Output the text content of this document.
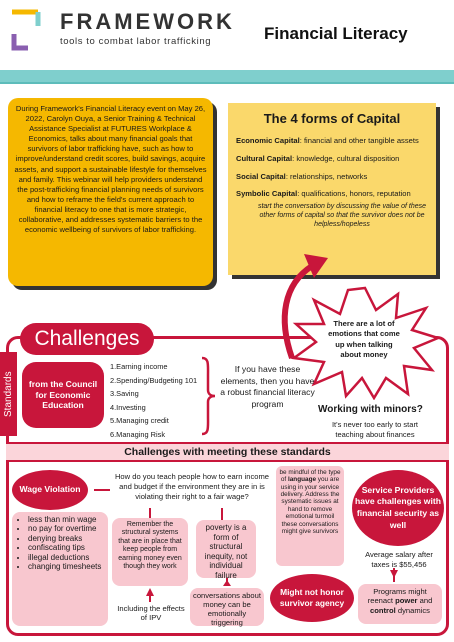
FRAMEWORK
tools to combat labor trafficking	Financial Literacy
During Framework's Financial Literacy event on May 26, 2022, Carolyn Ouya, a Senior Training & Technical Assistance Specialist at FUTURES Workplace & Economics, talks about many financial goals that survivors of labor trafficking have, such as how to improve/understand credit scores, build savings, acquire assets, and support a sustainable lifestyle for themselves and family. This webinar will help providers understand the post-trafficking financial planning needs of survivors and how to reframe the field's current approach to financial literacy to one that is more strategic, collaborative, and addresses systematic barriers to the economic wellbeing of survivors of labor trafficking.
The 4 forms of Capital
Economic Capital: financial and other tangible assets
Cultural Capital: knowledge, cultural disposition
Social Capital: relationships, networks
Symbolic Capital: qualifications, honors, reputation
start the conversation by discussing the value of these other forms of capital so that the survivor does not be helpless/hopeless
There are a lot of emotions that come up when talking about money
Challenges
Standards	from the Council for Economic Education
1.Earning income
2.Spending/Budgeting 101
3.Saving
4.Investing
5.Managing credit
6.Managing Risk
If you have these elements, then you have a robust financial literacy program
Working with minors?
It's never too early to start teaching about finances
Challenges with meeting these standards
Wage Violation
• less than min wage
• no pay for overtime
• denying breaks
• confiscating tips
• illegal deductions
• changing timesheets
How do you teach people how to earn income and budget if the environment they are in is violating their right to a fair wage?
Remember the structural systems that are in place that keep people from earning money even though they work
Including the effects of IPV
poverty is a form of structural inequity, not individual failure
conversations about money can be emotionally triggering
be mindful of the type of language you are using in your service delivery. Address the systematic issues at hand to remove emotional turmoil these conversations might give survivors
Service Providers have challenges with financial security as well
Average salary after taxes is $55,456
Might not honor survivor agency
Programs might reenact power and control dynamics
